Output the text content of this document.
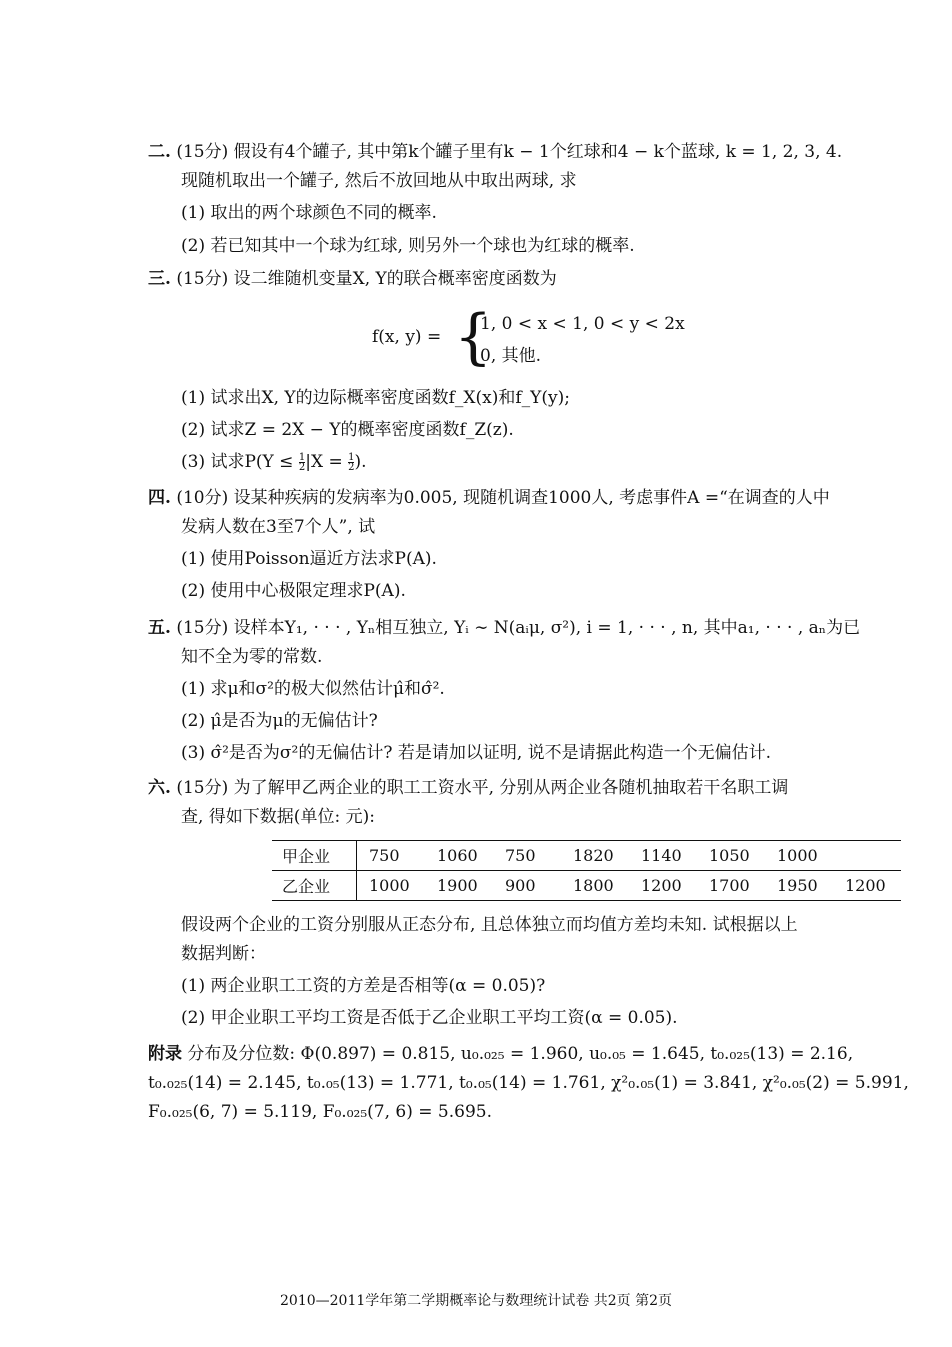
二. (15分) 假设有4个罐子, 其中第k个罐子里有k − 1个红球和4 − k个蓝球, k = 1, 2, 3, 4.
现随机取出一个罐子, 然后不放回地从中取出两球, 求
(1) 取出的两个球颜色不同的概率.
(2) 若已知其中一个球为红球, 则另外一个球也为红球的概率.
三. (15分) 设二维随机变量X, Y的联合概率密度函数为
f(x, y) = {
1, 0 < x < 1, 0 < y < 2x
0, 其他.
(1) 试求出X, Y的边际概率密度函数f_X(x)和f_Y(y);
(2) 试求Z = 2X − Y的概率密度函数f_Z(z).
(3) 试求$P(Y \le \frac{1}{2} |X = \frac{1}{2}$ ).
四. (10分) 设某种疾病的发病率为0.005, 现随机调查1000人, 考虑事件A =“在调查的人中
发病人数在3至7个人”, 试
(1) 使用Poisson逼近方法求P(A).
(2) 使用中心极限定理求P(A).
五. (15分) 设样本Y₁, · · · , Yₙ相互独立, Yᵢ ∼ N(aᵢμ, σ²), i = 1, · · · , n, 其中a₁, · · · , aₙ为已
知不全为零的常数.
(1) 求μ和σ²的极大似然估计μ̂和σ̂².
(2) μ̂是否为μ的无偏估计?
(3) σ̂²是否为σ²的无偏估计? 若是请加以证明, 说不是请据此构造一个无偏估计.
六. (15分) 为了解甲乙两企业的职工工资水平, 分别从两企业各随机抽取若干名职工调
查, 得如下数据(单位: 元):
甲企业	750	1060	750	1820	1140	1050	1000	
乙企业	1000	1900	900	1800	1200	1700	1950	1200
假设两个企业的工资分别服从正态分布, 且总体独立而均值方差均未知. 试根据以上
数据判断：
(1) 两企业职工工资的方差是否相等(α = 0.05)?
(2) 甲企业职工平均工资是否低于乙企业职工平均工资(α = 0.05).
附录 分布及分位数: Φ(0.897) = 0.815, u₀.₀₂₅ = 1.960, u₀.₀₅ = 1.645, t₀.₀₂₅(13) = 2.16,
t₀.₀₂₅(14) = 2.145, t₀.₀₅(13) = 1.771, t₀.₀₅(14) = 1.761, χ²₀.₀₅(1) = 3.841, χ²₀.₀₅(2) = 5.991,
F₀.₀₂₅(6, 7) = 5.119, F₀.₀₂₅(7, 6) = 5.695.
2010—2011学年第二学期概率论与数理统计试卷 共2页 第2页
